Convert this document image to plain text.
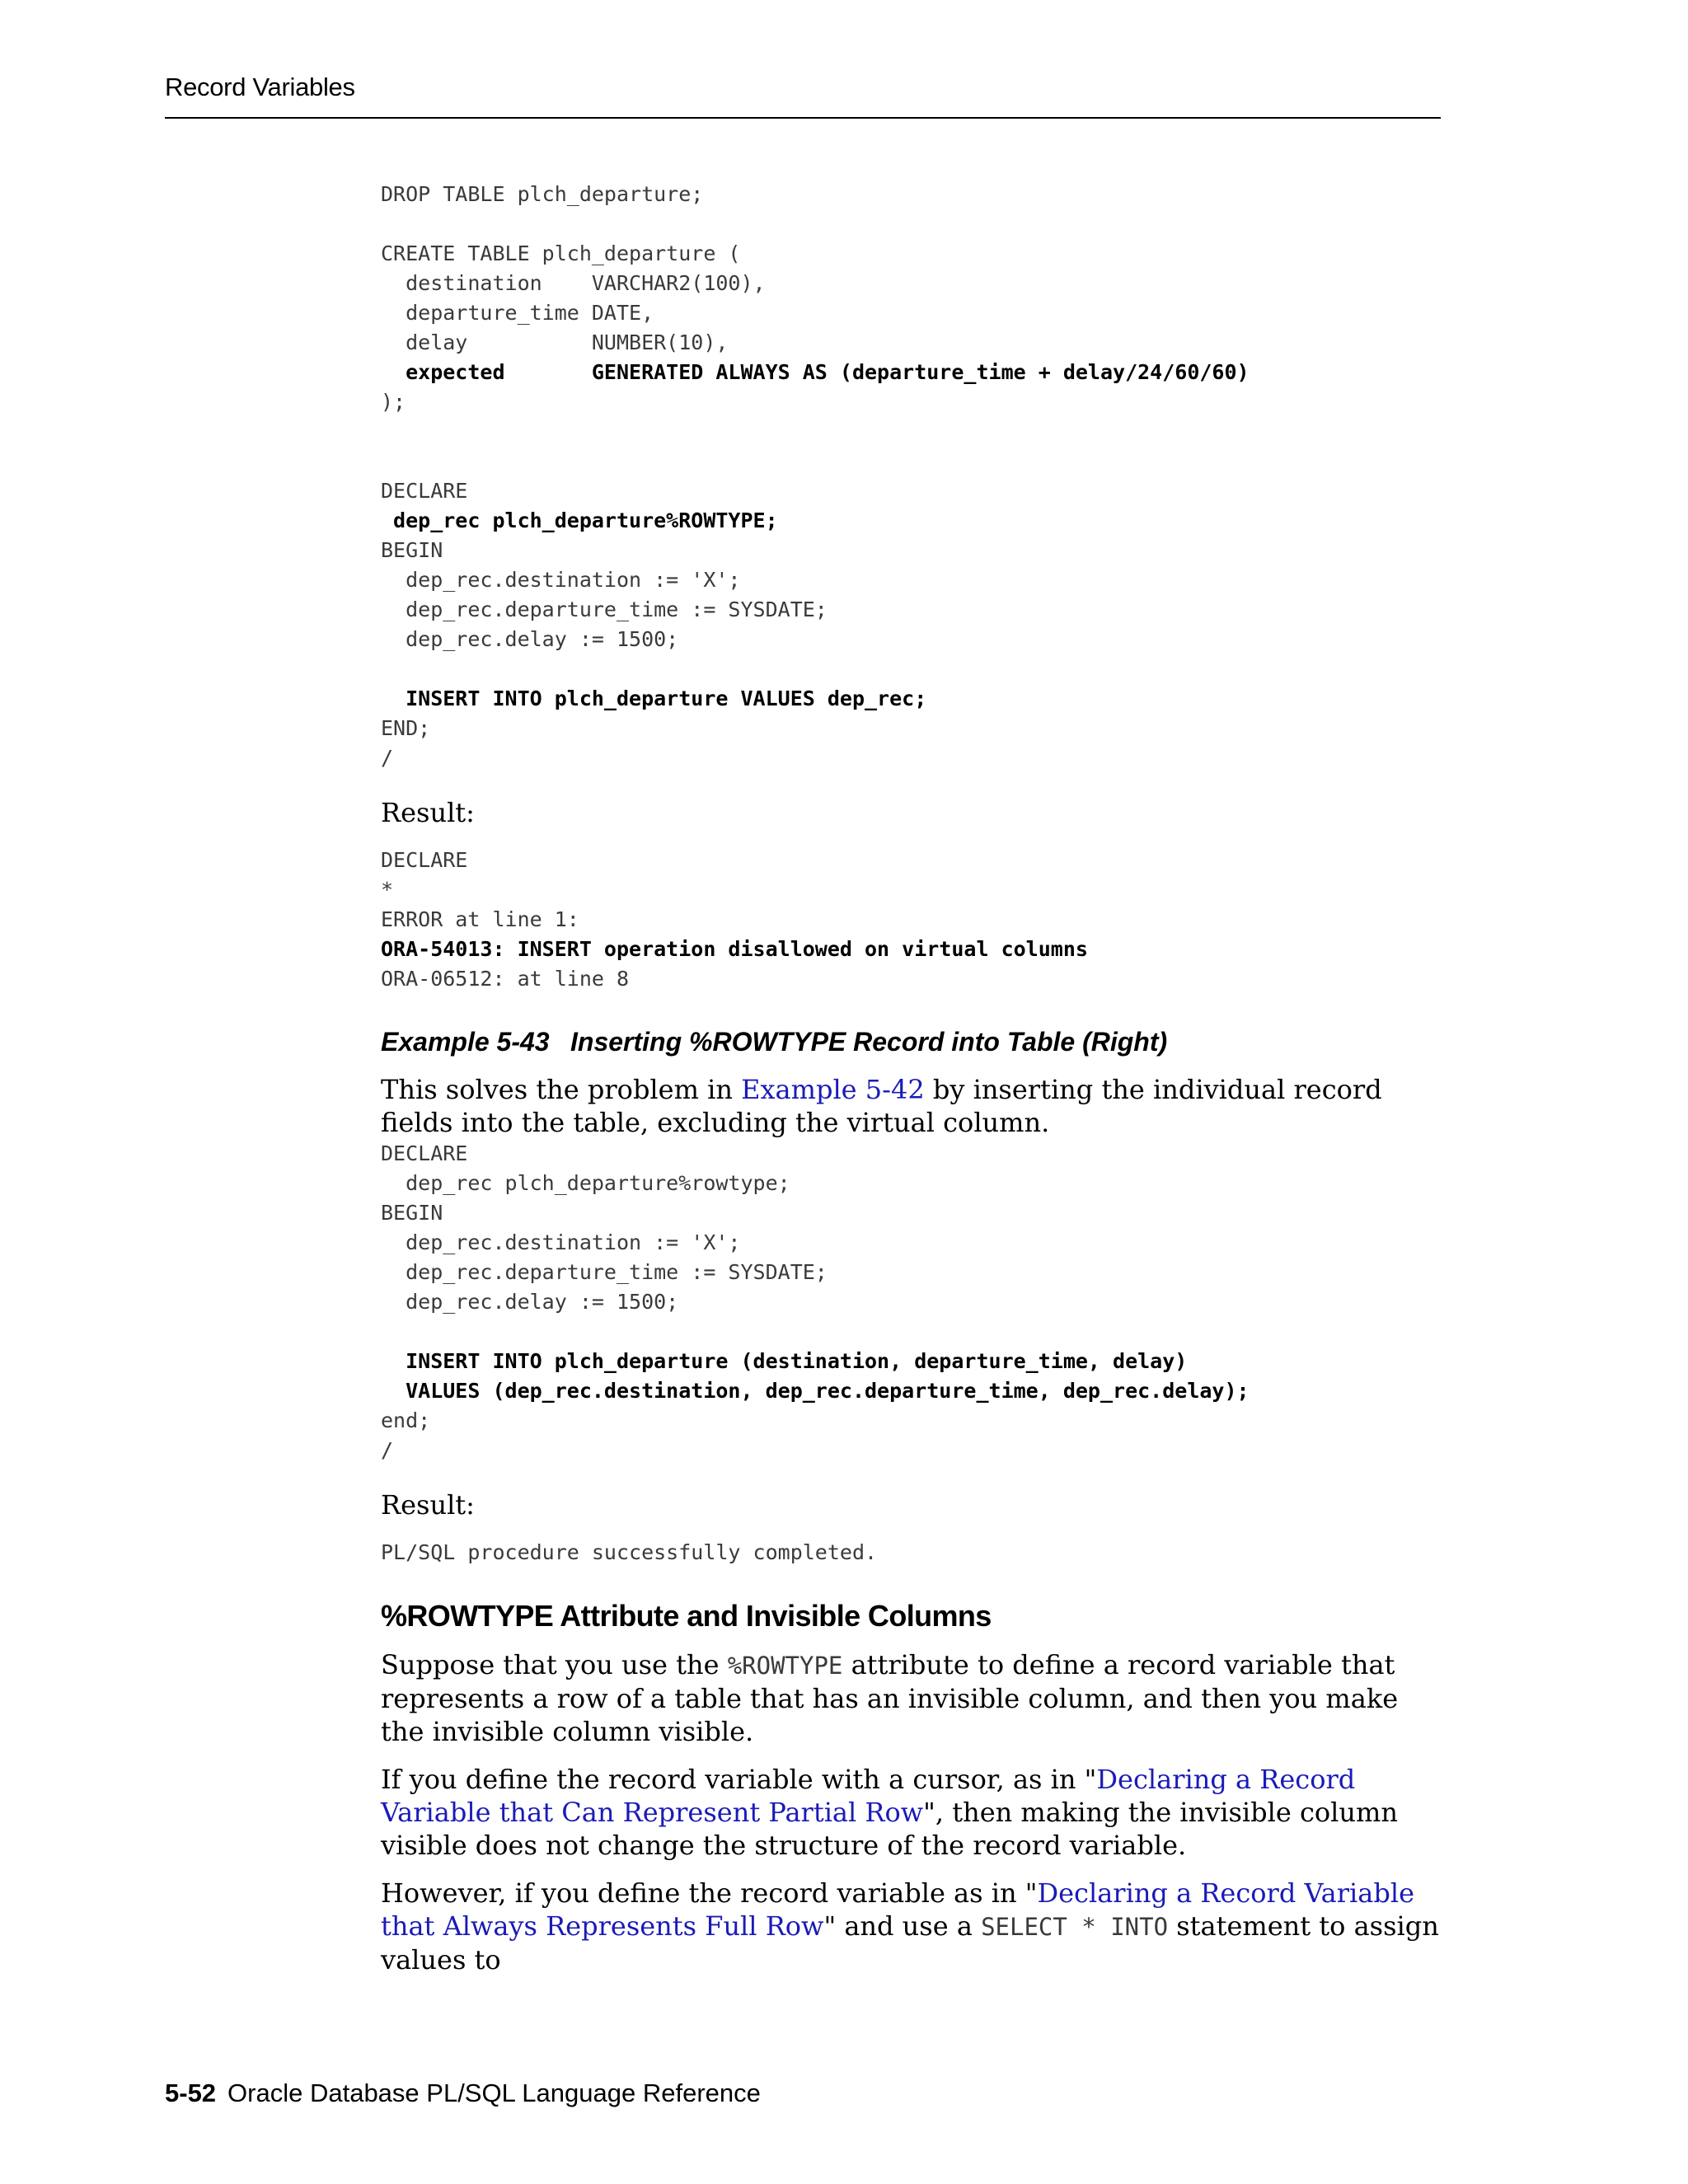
Record Variables
DROP TABLE plch_departure;
CREATE TABLE plch_departure (
destination    VARCHAR2(100),
departure_time DATE,
delay          NUMBER(10),
expected       GENERATED ALWAYS AS (departure_time + delay/24/60/60)
);
DECLARE
dep_rec plch_departure%ROWTYPE;
BEGIN
dep_rec.destination := 'X';
dep_rec.departure_time := SYSDATE;
dep_rec.delay := 1500;
INSERT INTO plch_departure VALUES dep_rec;
END;
/

Result:

DECLARE
*
ERROR at line 1:
ORA-54013: INSERT operation disallowed on virtual columns
ORA-06512: at line 8
Example 5-43 Inserting %ROWTYPE Record into Table (Right)

This solves the problem in Example 5-42 by inserting the individual record fields into the table, excluding the virtual column.

DECLARE
dep_rec plch_departure%rowtype;
BEGIN
dep_rec.destination := 'X';
dep_rec.departure_time := SYSDATE;
dep_rec.delay := 1500;
INSERT INTO plch_departure (destination, departure_time, delay)
VALUES (dep_rec.destination, dep_rec.departure_time, dep_rec.delay);
end;
/

Result:

PL/SQL procedure successfully completed.
%ROWTYPE Attribute and Invisible Columns

Suppose that you use the %ROWTYPE attribute to define a record variable that represents a row of a table that has an invisible column, and then you make the invisible column visible.

If you define the record variable with a cursor, as in "Declaring a Record Variable that Can Represent Partial Row", then making the invisible column visible does not change the structure of the record variable.

However, if you define the record variable as in "Declaring a Record Variable that Always Represents Full Row" and use a SELECT * INTO statement to assign values to

5-52 Oracle Database PL/SQL Language Reference
